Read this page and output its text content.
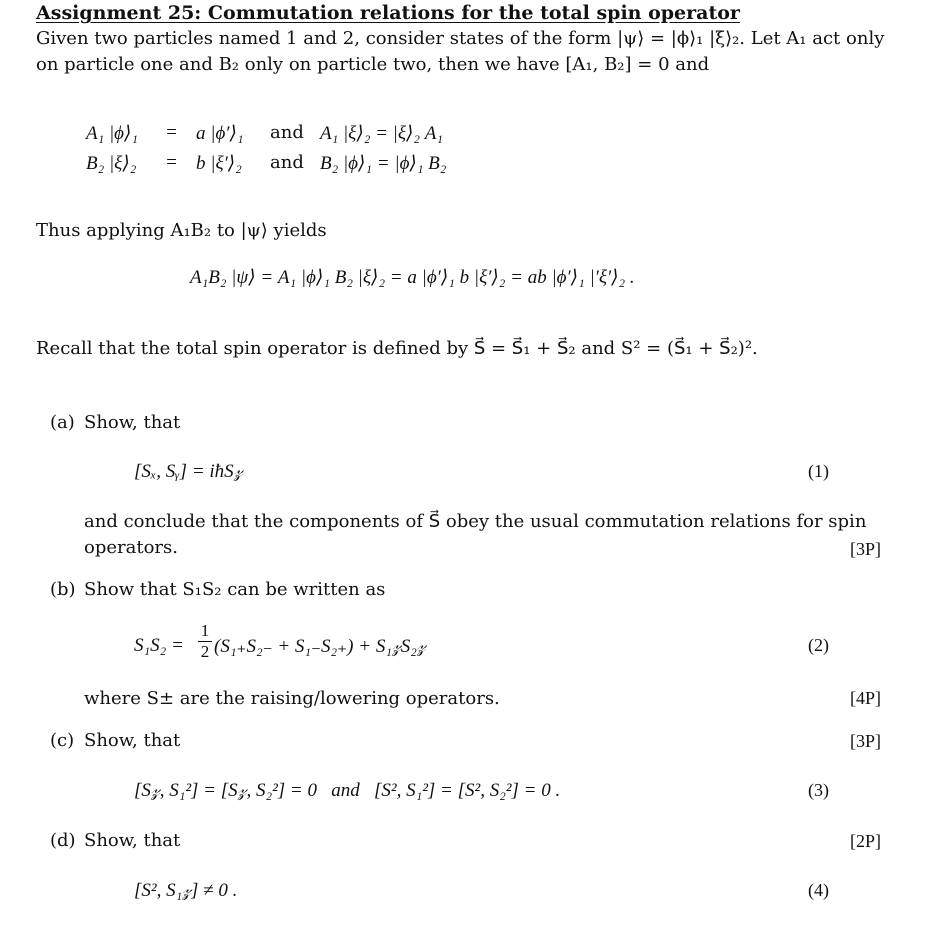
Assignment 25: Commutation relations for the total spin operator
Given two particles named 1 and 2, consider states of the form |ψ⟩ = |ϕ⟩₁ |ξ⟩₂. Let A₁ act only
on particle one and B₂ only on particle two, then we have [A₁, B₂] = 0 and
A₁ |ϕ⟩₁ = a |ϕ′⟩₁ and A₁ |ξ⟩₂ = |ξ⟩₂ A₁
B₂ |ξ⟩₂ = b |ξ′⟩₂ and B₂ |ϕ⟩₁ = |ϕ⟩₁ B₂
Thus applying A₁B₂ to |ψ⟩ yields
A₁B₂ |ψ⟩ = A₁ |ϕ⟩₁ B₂ |ξ⟩₂ = a |ϕ′⟩₁ b |ξ′⟩₂ = ab |ϕ′⟩₁ |′ξ′⟩₂ .
Recall that the total spin operator is defined by S⃗ = S⃗₁ + S⃗₂ and S² = (S⃗₁ + S⃗₂)².
(a) Show, that
[Sₓ, Sᵧ] = iħS𝓏	(1)
and conclude that the components of S⃗ obey the usual commutation relations for spin
operators.	[3P]
(b) Show that S₁S₂ can be written as
S₁S₂ =
1
2 (S₁₊S₂₋ + S₁₋S₂₊) + S₁𝓏S₂𝓏	(2)
where S± are the raising/lowering operators.	[4P]
(c) Show, that	[3P]
[S𝓏, S₁²] = [S𝓏, S₂²] = 0   and   [S², S₁²] = [S², S₂²] = 0 .	(3)
(d) Show, that	[2P]
[S², S₁𝓏] ≠ 0 .	(4)
